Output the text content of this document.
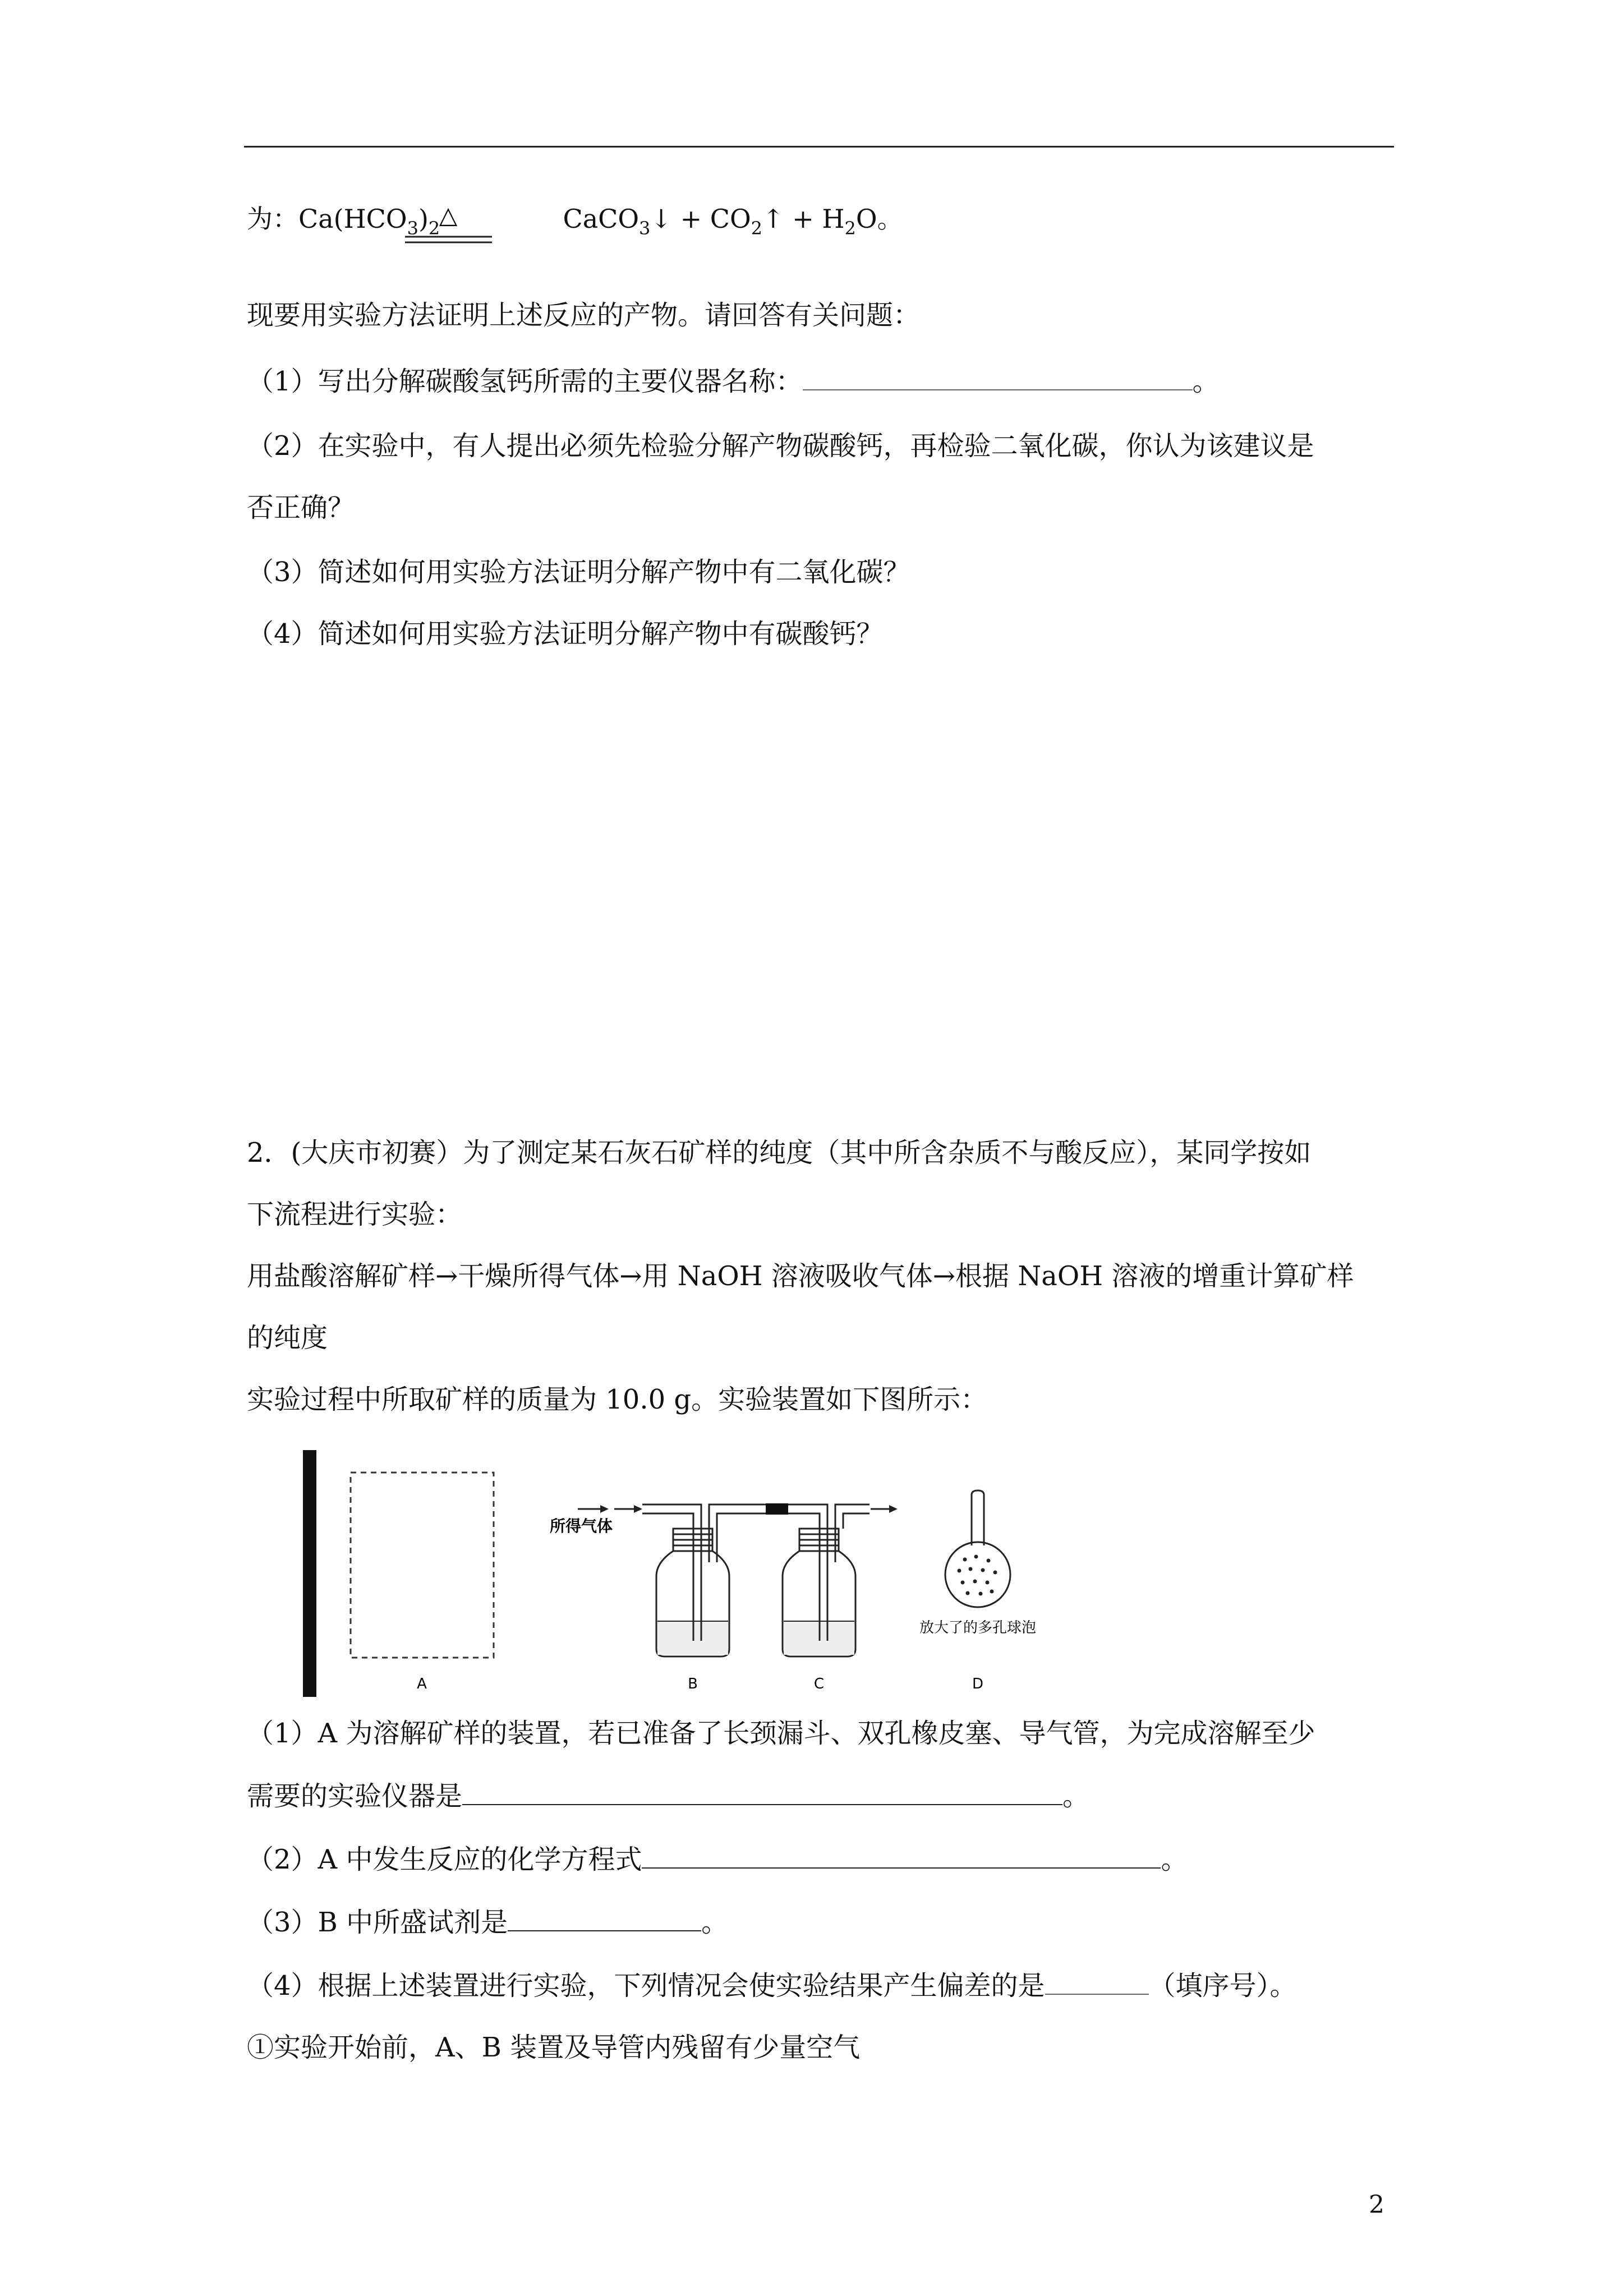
为：Ca(HCO3)2	CaCO3↓ + CO2↑ + H2O。
△
现要用实验方法证明上述反应的产物。请回答有关问题：
（1）写出分解碳酸氢钙所需的主要仪器名称：	。
（2）在实验中，有人提出必须先检验分解产物碳酸钙，再检验二氧化碳，你认为该建议是
否正确？
（3）简述如何用实验方法证明分解产物中有二氧化碳？
（4）简述如何用实验方法证明分解产物中有碳酸钙？
2．(大庆市初赛）为了测定某石灰石矿样的纯度（其中所含杂质不与酸反应），某同学按如
下流程进行实验：
用盐酸溶解矿样→干燥所得气体→用 NaOH 溶液吸收气体→根据 NaOH 溶液的增重计算矿样
的纯度
实验过程中所取矿样的质量为 10.0 g。实验装置如下图所示：
A
所得气体
B	C
放大了的多孔球泡
D
（1）A 为溶解矿样的装置，若已准备了长颈漏斗、双孔橡皮塞、导气管，为完成溶解至少
需要的实验仪器是	。
（2）A 中发生反应的化学方程式	。
（3）B 中所盛试剂是	。
（4）根据上述装置进行实验，下列情况会使实验结果产生偏差的是	（填序号）。
①实验开始前，A、B 装置及导管内残留有少量空气
2
